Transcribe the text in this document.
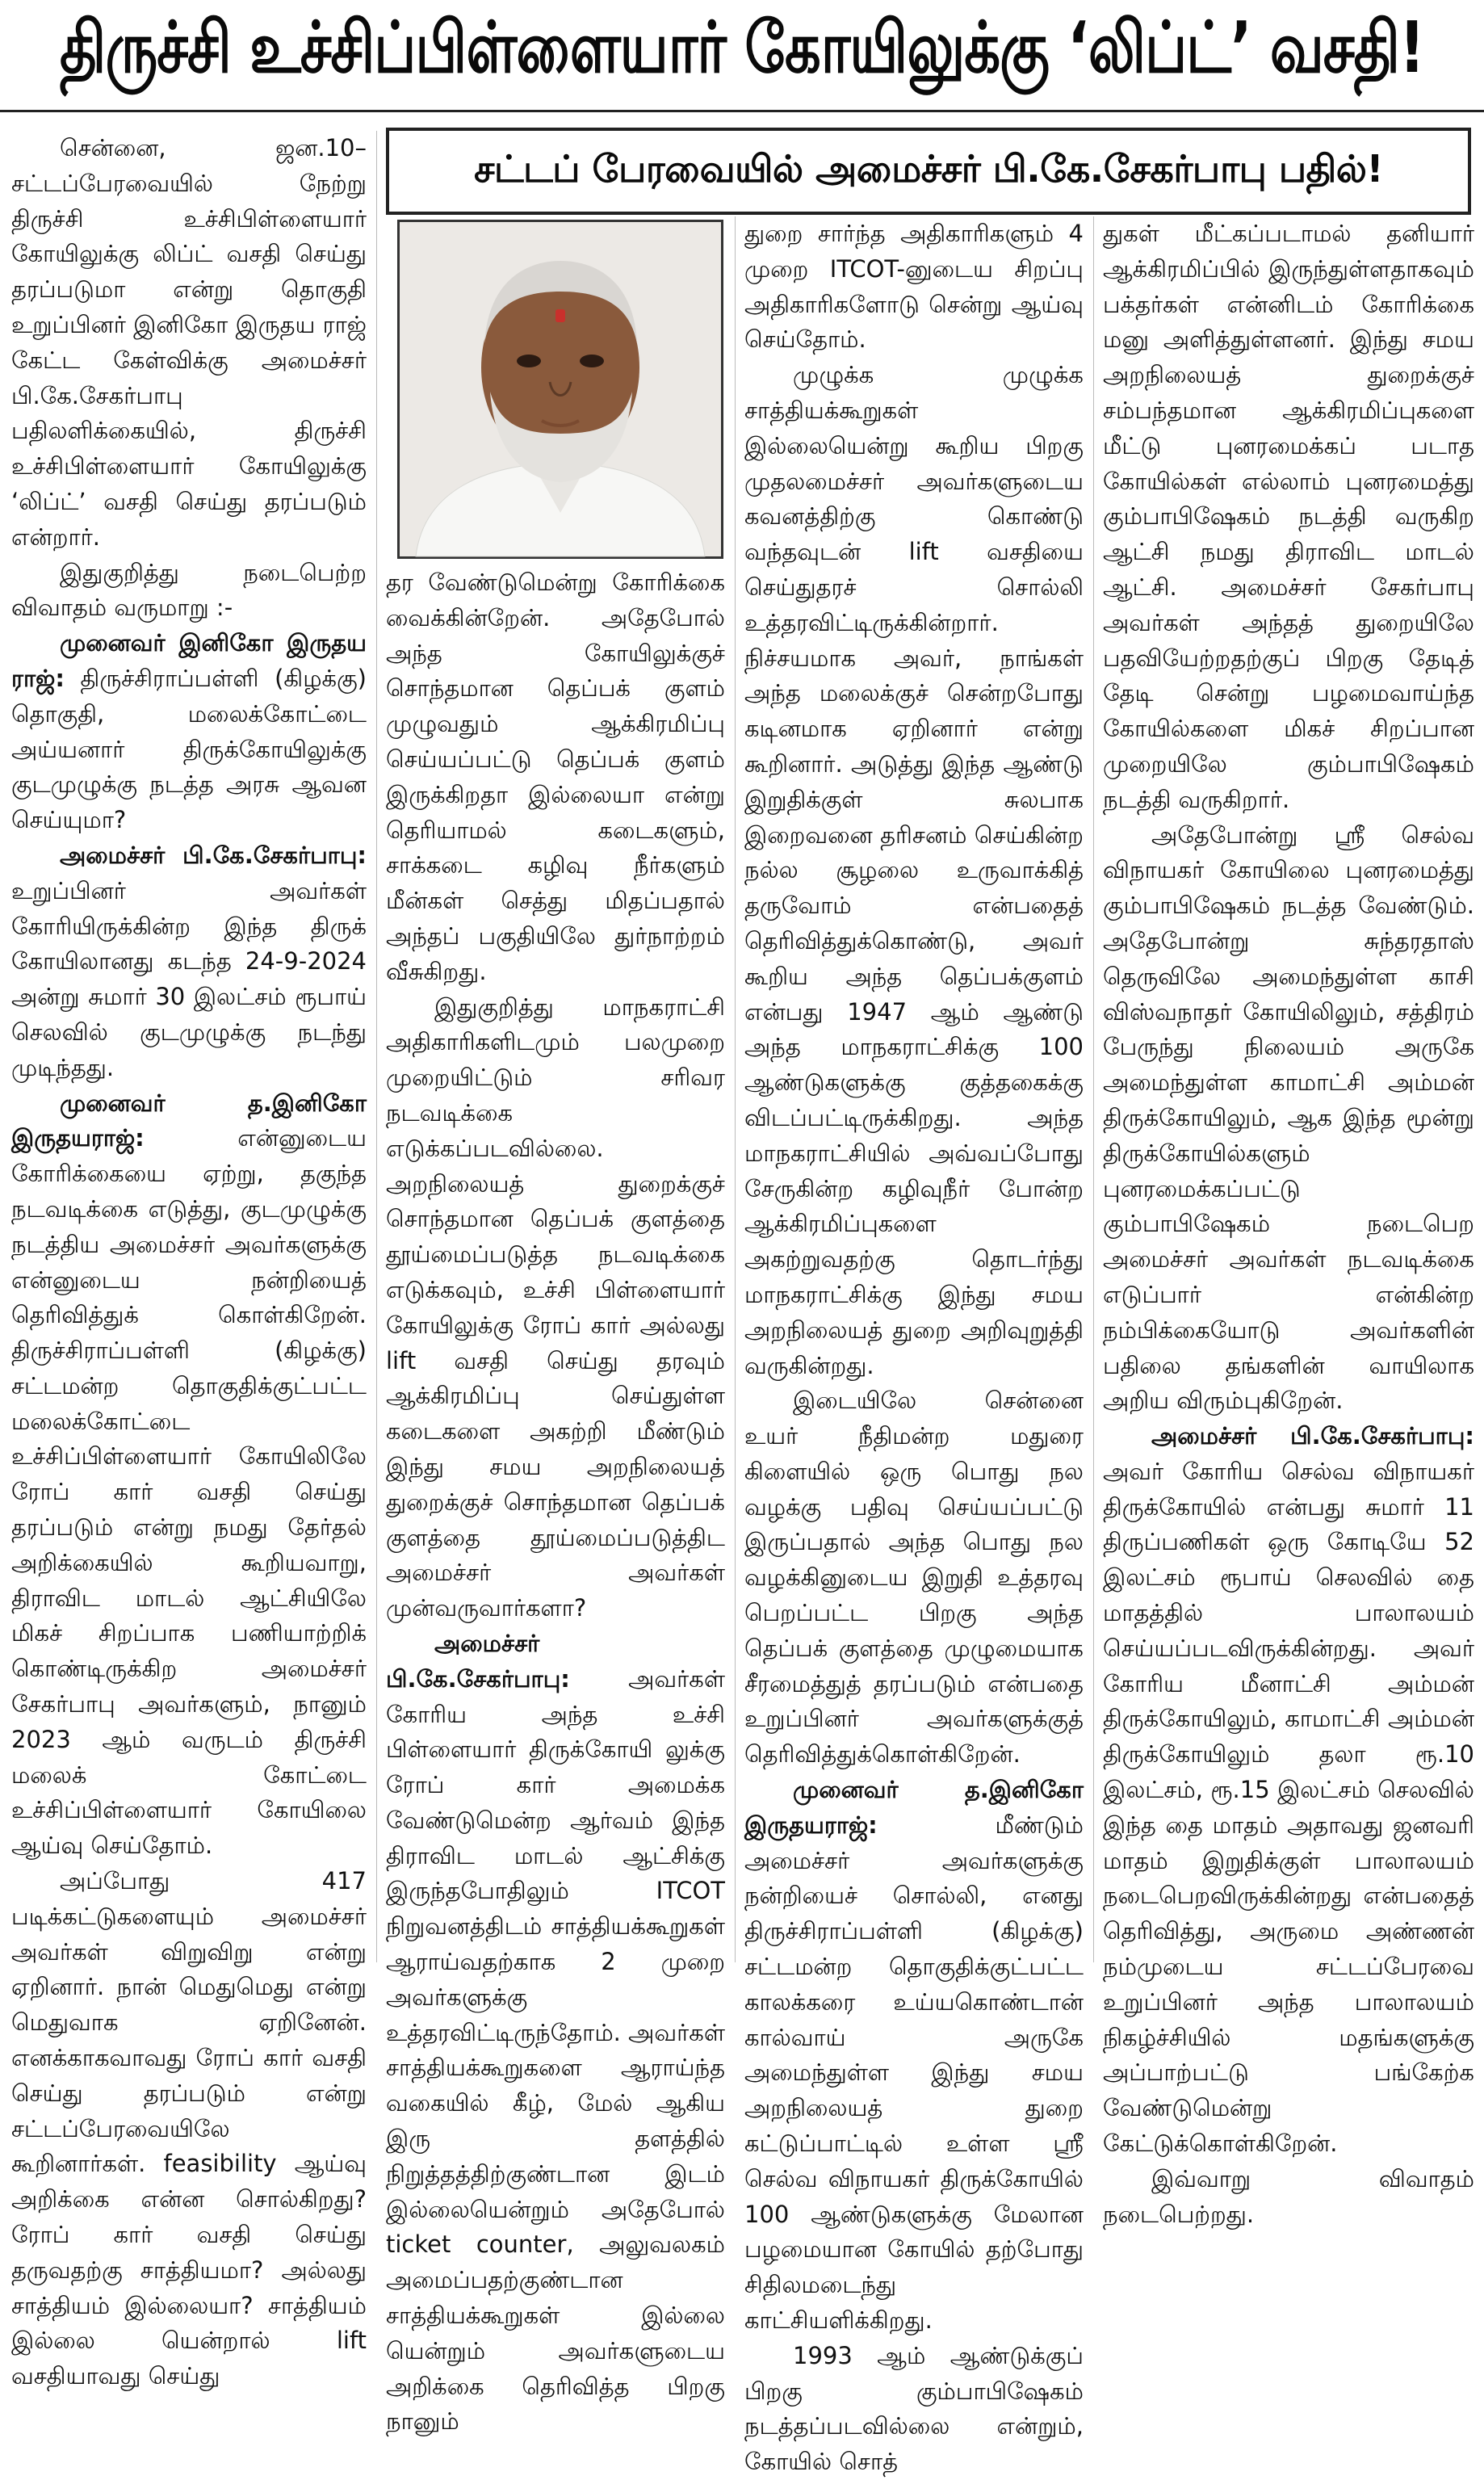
திருச்சி உச்சிப்பிள்ளையார் கோயிலுக்கு ‘லிப்ட்’ வசதி!
சட்டப் பேரவையில் அமைச்சர் பி.கே.சேகர்பாபு பதில்!

சென்னை, ஜன.10– சட்டப்பேரவையில் நேற்று திருச்சி உச்சிபிள்ளையார் கோயிலுக்கு லிப்ட் வசதி செய்து தரப்படுமா என்று தொகுதி உறுப்பினர் இனிகோ இருதய ராஜ் கேட்ட கேள்விக்கு அமைச்சர் பி.கே.சேகர்பாபு பதிலளிக்கையில், திருச்சி உச்சிபிள்ளையார் கோயிலுக்கு ‘லிப்ட்’ வசதி செய்து தரப்படும் என்றார்.

இதுகுறித்து நடைபெற்ற விவாதம் வருமாறு :-

முனைவர் இனிகோ இருதய ராஜ்: திருச்சிராப்பள்ளி (கிழக்கு) தொகுதி, மலைக்கோட்டை அய்யனார் திருக்கோயிலுக்கு குடமுழுக்கு நடத்த அரசு ஆவன செய்யுமா?

அமைச்சர் பி.கே.சேகர்பாபு: உறுப்பினர் அவர்கள் கோரியிருக்கின்ற இந்த திருக் கோயிலானது கடந்த 24-9-2024 அன்று சுமார் 30 இலட்சம் ரூபாய் செலவில் குடமுழுக்கு நடந்து முடிந்தது.

முனைவர் த.இனிகோ இருதயராஜ்: என்னுடைய கோரிக்கையை ஏற்று, தகுந்த நடவடிக்கை எடுத்து, குடமுழுக்கு நடத்திய அமைச்சர் அவர்களுக்கு என்னுடைய நன்றியைத் தெரிவித்துக் கொள்கிறேன். திருச்சிராப்பள்ளி (கிழக்கு) சட்டமன்ற தொகுதிக்குட்பட்ட மலைக்கோட்டை உச்சிப்பிள்ளையார் கோயிலிலே ரோப் கார் வசதி செய்து தரப்படும் என்று நமது தேர்தல் அறிக்கையில் கூறியவாறு, திராவிட மாடல் ஆட்சியிலே மிகச் சிறப்பாக பணியாற்றிக் கொண்டிருக்கிற அமைச்சர் சேகர்பாபு அவர்களும், நானும் 2023 ஆம் வருடம் திருச்சி மலைக் கோட்டை உச்சிப்பிள்ளையார் கோயிலை ஆய்வு செய்தோம்.

அப்போது 417 படிக்கட்டுகளையும் அமைச்சர் அவர்கள் விறுவிறு என்று ஏறினார். நான் மெதுமெது என்று மெதுவாக ஏறினேன். எனக்காகவாவது ரோப் கார் வசதி செய்து தரப்படும் என்று சட்டப்பேரவையிலே கூறினார்கள். feasibility ஆய்வு அறிக்கை என்ன சொல்கிறது? ரோப் கார் வசதி செய்து தருவதற்கு சாத்தியமா? அல்லது சாத்தியம் இல்லையா? சாத்தியம் இல்லை யென்றால் lift வசதியாவது செய்து

தர வேண்டுமென்று கோரிக்கை வைக்கின்றேன். அதேபோல் அந்த கோயிலுக்குச் சொந்தமான தெப்பக் குளம் முழுவதும் ஆக்கிரமிப்பு செய்யப்பட்டு தெப்பக் குளம் இருக்கிறதா இல்லையா என்று தெரியாமல் கடைகளும், சாக்கடை கழிவு நீர்களும் மீன்கள் செத்து மிதப்பதால் அந்தப் பகுதியிலே துர்நாற்றம் வீசுகிறது.

இதுகுறித்து மாநகராட்சி அதிகாரிகளிடமும் பலமுறை முறையிட்டும் சரிவர நடவடிக்கை எடுக்கப்படவில்லை. அறநிலையத் துறைக்குச் சொந்தமான தெப்பக் குளத்தை தூய்மைப்படுத்த நடவடிக்கை எடுக்கவும், உச்சி பிள்ளையார் கோயிலுக்கு ரோப் கார் அல்லது lift வசதி செய்து தரவும் ஆக்கிரமிப்பு செய்துள்ள கடைகளை அகற்றி மீண்டும் இந்து சமய அறநிலையத் துறைக்குச் சொந்தமான தெப்பக் குளத்தை தூய்மைப்படுத்திட அமைச்சர் அவர்கள் முன்வருவார்களா?

அமைச்சர் பி.கே.சேகர்பாபு: அவர்கள் கோரிய அந்த உச்சி பிள்ளையார் திருக்கோயி லுக்கு ரோப் கார் அமைக்க வேண்டுமென்ற ஆர்வம் இந்த திராவிட மாடல் ஆட்சிக்கு இருந்தபோதிலும் ITCOT நிறுவனத்திடம் சாத்தியக்கூறுகள் ஆராய்வதற்காக 2 முறை அவர்களுக்கு உத்தரவிட்டிருந்தோம். அவர்கள் சாத்தியக்கூறுகளை ஆராய்ந்த வகையில் கீழ், மேல் ஆகிய இரு தளத்தில் நிறுத்தத்திற்குண்டான இடம் இல்லையென்றும் அதேபோல் ticket counter, அலுவலகம் அமைப்பதற்குண்டான சாத்தியக்கூறுகள் இல்லை யென்றும் அவர்களுடைய அறிக்கை தெரிவித்த பிறகு நானும்

துறை சார்ந்த அதிகாரிகளும் 4 முறை ITCOT-னுடைய சிறப்பு அதிகாரிகளோடு சென்று ஆய்வு செய்தோம்.

முழுக்க முழுக்க சாத்தியக்கூறுகள் இல்லையென்று கூறிய பிறகு முதலமைச்சர் அவர்களுடைய கவனத்திற்கு கொண்டு வந்தவுடன் lift வசதியை செய்துதரச் சொல்லி உத்தரவிட்டிருக்கின்றார். நிச்சயமாக அவர், நாங்கள் அந்த மலைக்குச் சென்றபோது கடினமாக ஏறினார் என்று கூறினார். அடுத்து இந்த ஆண்டு இறுதிக்குள் சுலபாக இறைவனை தரிசனம் செய்கின்ற நல்ல சூழலை உருவாக்கித் தருவோம் என்பதைத் தெரிவித்துக்கொண்டு, அவர் கூறிய அந்த தெப்பக்குளம் என்பது 1947 ஆம் ஆண்டு அந்த மாநகராட்சிக்கு 100 ஆண்டுகளுக்கு குத்தகைக்கு விடப்பட்டிருக்கிறது. அந்த மாநகராட்சியில் அவ்வப்போது சேருகின்ற கழிவுநீர் போன்ற ஆக்கிரமிப்புகளை அகற்றுவதற்கு தொடர்ந்து மாநகராட்சிக்கு இந்து சமய அறநிலையத் துறை அறிவுறுத்தி வருகின்றது.

இடையிலே சென்னை உயர் நீதிமன்ற மதுரை கிளையில் ஒரு பொது நல வழக்கு பதிவு செய்யப்பட்டு இருப்பதால் அந்த பொது நல வழக்கினுடைய இறுதி உத்தரவு பெறப்பட்ட பிறகு அந்த தெப்பக் குளத்தை முழுமையாக சீரமைத்துத் தரப்படும் என்பதை உறுப்பினர் அவர்களுக்குத் தெரிவித்துக்கொள்கிறேன்.

முனைவர் த.இனிகோ இருதயராஜ்: மீண்டும் அமைச்சர் அவர்களுக்கு நன்றியைச் சொல்லி, எனது திருச்சிராப்பள்ளி (கிழக்கு) சட்டமன்ற தொகுதிக்குட்பட்ட காலக்கரை உய்யகொண்டான் கால்வாய் அருகே அமைந்துள்ள இந்து சமய அறநிலையத் துறை கட்டுப்பாட்டில் உள்ள ஸ்ரீ செல்வ விநாயகர் திருக்கோயில் 100 ஆண்டுகளுக்கு மேலான பழமையான கோயில் தற்போது சிதிலமடைந்து காட்சியளிக்கிறது.

1993 ஆம் ஆண்டுக்குப் பிறகு கும்பாபிஷேகம் நடத்தப்படவில்லை என்றும், கோயில் சொத்

துகள் மீட்கப்படாமல் தனியார் ஆக்கிரமிப்பில் இருந்துள்ளதாகவும் பக்தர்கள் என்னிடம் கோரிக்கை மனு அளித்துள்ளனர். இந்து சமய அறநிலையத் துறைக்குச் சம்பந்தமான ஆக்கிரமிப்புகளை மீட்டு புனரமைக்கப் படாத கோயில்கள் எல்லாம் புனரமைத்து கும்பாபிஷேகம் நடத்தி வருகிற ஆட்சி நமது திராவிட மாடல் ஆட்சி. அமைச்சர் சேகர்பாபு அவர்கள் அந்தத் துறையிலே பதவியேற்றதற்குப் பிறகு தேடித் தேடி சென்று பழமைவாய்ந்த கோயில்களை மிகச் சிறப்பான முறையிலே கும்பாபிஷேகம் நடத்தி வருகிறார்.

அதேபோன்று ஸ்ரீ செல்வ விநாயகர் கோயிலை புனரமைத்து கும்பாபிஷேகம் நடத்த வேண்டும். அதேபோன்று சுந்தரதாஸ் தெருவிலே அமைந்துள்ள காசி விஸ்வநாதர் கோயிலிலும், சத்திரம் பேருந்து நிலையம் அருகே அமைந்துள்ள காமாட்சி அம்மன் திருக்கோயிலும், ஆக இந்த மூன்று திருக்கோயில்களும் புனரமைக்கப்பட்டு கும்பாபிஷேகம் நடைபெற அமைச்சர் அவர்கள் நடவடிக்கை எடுப்பார் என்கின்ற நம்பிக்கையோடு அவர்களின் பதிலை தங்களின் வாயிலாக அறிய விரும்புகிறேன்.

அமைச்சர் பி.கே.சேகர்பாபு: அவர் கோரிய செல்வ விநாயகர் திருக்கோயில் என்பது சுமார் 11 திருப்பணிகள் ஒரு கோடியே 52 இலட்சம் ரூபாய் செலவில் தை மாதத்தில் பாலாலயம் செய்யப்படவிருக்கின்றது. அவர் கோரிய மீனாட்சி அம்மன் திருக்கோயிலும், காமாட்சி அம்மன் திருக்கோயிலும் தலா ரூ.10 இலட்சம், ரூ.15 இலட்சம் செலவில் இந்த தை மாதம் அதாவது ஜனவரி மாதம் இறுதிக்குள் பாலாலயம் நடைபெறவிருக்கின்றது என்பதைத் தெரிவித்து, அருமை அண்ணன் நம்முடைய சட்டப்பேரவை உறுப்பினர் அந்த பாலாலயம் நிகழ்ச்சியில் மதங்களுக்கு அப்பாற்பட்டு பங்கேற்க வேண்டுமென்று கேட்டுக்கொள்கிறேன்.

இவ்வாறு விவாதம் நடைபெற்றது.
